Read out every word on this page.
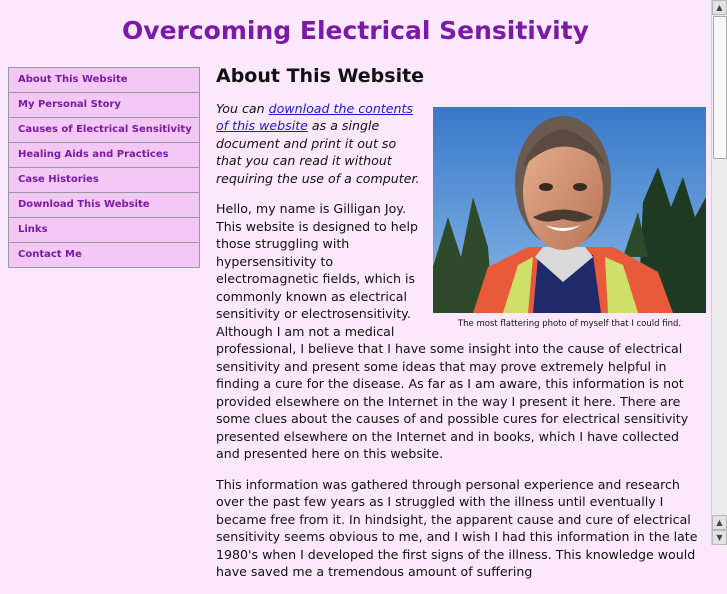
Overcoming Electrical Sensitivity
About This Website
My Personal Story
Causes of Electrical Sensitivity
Healing Aids and Practices
Case Histories
Download This Website
Links
Contact Me
About This Website
The most flattering photo of myself that I could find.

You can download the contents of this website as a single document and print it out so that you can read it without requiring the use of a computer.

Hello, my name is Gilligan Joy. This website is designed to help those struggling with hypersensitivity to electromagnetic fields, which is commonly known as electrical sensitivity or electrosensitivity. Although I am not a medical professional, I believe that I have some insight into the cause of electrical sensitivity and present some ideas that may prove extremely helpful in finding a cure for the disease. As far as I am aware, this information is not provided elsewhere on the Internet in the way I present it here. There are some clues about the causes of and possible cures for electrical sensitivity presented elsewhere on the Internet and in books, which I have collected and presented here on this website.

This information was gathered through personal experience and research over the past few years as I struggled with the illness until eventually I became free from it. In hindsight, the apparent cause and cure of electrical sensitivity seems obvious to me, and I wish I had this information in the late 1980's when I developed the first signs of the illness. This knowledge would have saved me a tremendous amount of suffering

▲
▲
▼
